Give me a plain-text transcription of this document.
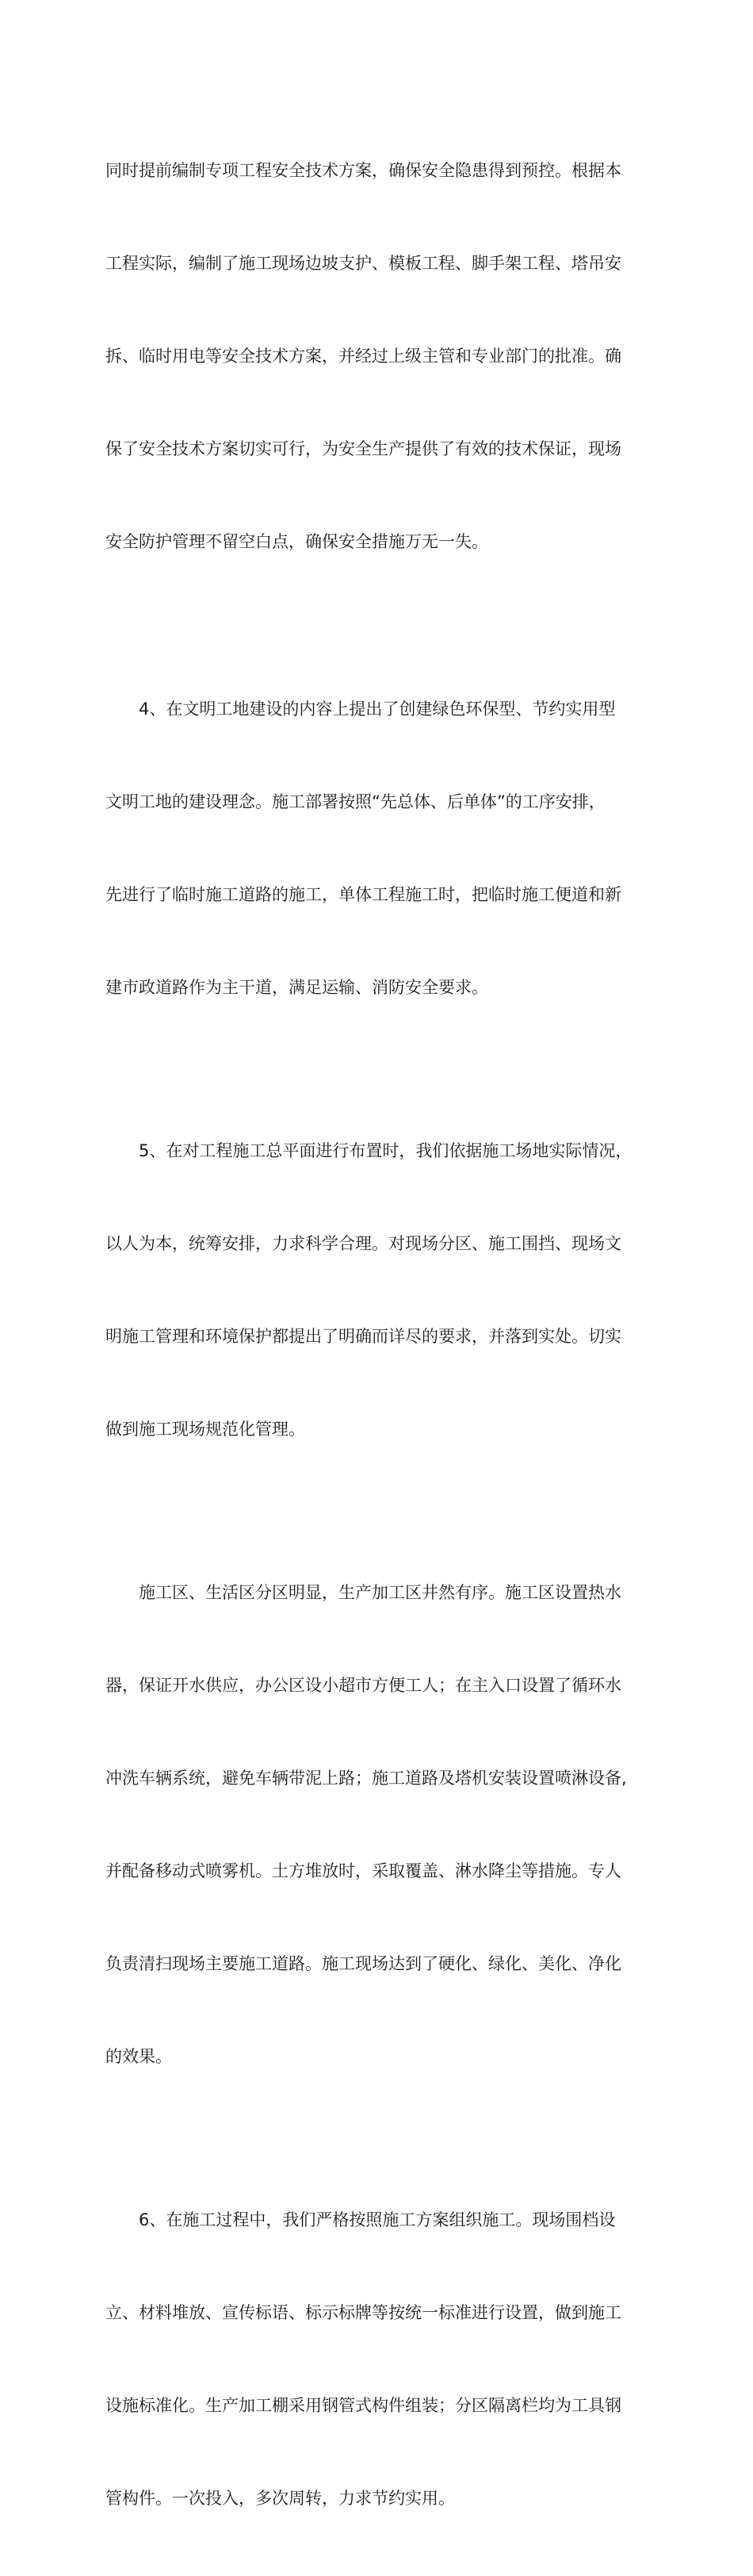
同时提前编制专项工程安全技术方案，确保安全隐患得到预控。根据本

工程实际，编制了施工现场边坡支护、模板工程、脚手架工程、塔吊安

拆、临时用电等安全技术方案，并经过上级主管和专业部门的批准。确

保了安全技术方案切实可行，为安全生产提供了有效的技术保证，现场

安全防护管理不留空白点，确保安全措施万无一失。

4、在文明工地建设的内容上提出了创建绿色环保型、节约实用型

文明工地的建设理念。施工部署按照“先总体、后单体”的工序安排，

先进行了临时施工道路的施工，单体工程施工时，把临时施工便道和新

建市政道路作为主干道，满足运输、消防安全要求。

5、在对工程施工总平面进行布置时，我们依据施工场地实际情况，

以人为本，统筹安排，力求科学合理。对现场分区、施工围挡、现场文

明施工管理和环境保护都提出了明确而详尽的要求，并落到实处。切实

做到施工现场规范化管理。

施工区、生活区分区明显，生产加工区井然有序。施工区设置热水

器，保证开水供应，办公区设小超市方便工人；在主入口设置了循环水

冲洗车辆系统，避免车辆带泥上路；施工道路及塔机安装设置喷淋设备,

并配备移动式喷雾机。土方堆放时，采取覆盖、淋水降尘等措施。专人

负责清扫现场主要施工道路。施工现场达到了硬化、绿化、美化、净化

的效果。

6、在施工过程中，我们严格按照施工方案组织施工。现场围档设

立、材料堆放、宣传标语、标示标牌等按统一标准进行设置，做到施工

设施标准化。生产加工棚采用钢管式构件组装；分区隔离栏均为工具钢

管构件。一次投入，多次周转，力求节约实用。
